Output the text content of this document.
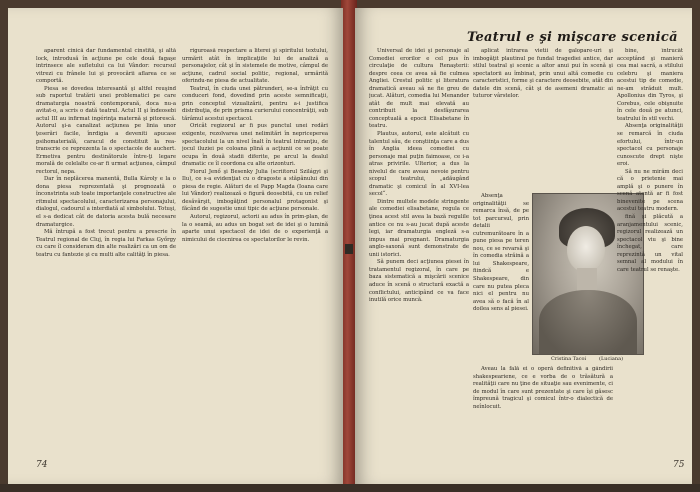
aparent cinică dar fundamental cinstită, şi altă lock, introdusă în acţiune pe cele două fagaşe intrinsece ale sufletului ca lui Vândor: recursul vitrezi cu frânele lui şi provocării aflarea ce se comportă.

Piesa se dovedea interesantă şi altfel reuşind sub raportul tratării unei problematici pe care dramaturgia noastră contemporană, doca nu-a avitat-o, a scris o dată teatrul. Actul II şi îndeosebi actul III au infirmat ingérinţa maternă şi pitorescă. Autorul şi-a canalizat acţiunea pe linia unor ţeserări facile, înrdigia a deveniti apucase psihomaterială, caracul de constituit la rea-transcrie ce reprezenta la o spectacole de auchert. Ermetiva pentru destinătorule între-ţi legare morală de celelalte ce-ar fi urmat acţiunea, câmpul rectorul, nepa.

Dar în neplăcerea manentă, Bulla Károly e la o dona piesa reprezentată şi prognozată o înconstrinta sub toate importanţele constructive ale ritmului spectacolului, caracterizarea personajului, dialogul, cadourul a interdiată al simbolului. Totuşi, el s-a dedicat cât de datoria acesta bulă necesare dramaturgice.

Mă întrupă a fost trecut pentru a prescrie în Teatrul regional de Cluj, în regia lui Farkas Győrgy cu care îl consideram din alte realizări ca un om de teatru cu fantezie şi cu multi alte calităţi în piesa.

riguroasă respectare a literei şi spiritului textului, urmărit atât în implicaţiile lui de analiză a personajelor, cât şi în sistemele de motive, câmpul de acţiune, cadrul social politic, regional, urmărită oferindu-ne piesa de actualitate.

Teatrul, în ciuda unei pătrunderi, se-a înfrăţit cu conduceri fond, dovedind prin aceste semnificaţii, prin conceptul vizualizării, pentru a-i justifica distribuţia, de prin prisma curierului concentrăţii, sub tărâmul acestui spectacol.

Oricât regizorul ar fi pus punctul unei redări exigente, rezolvarea unei nelimitări în nepriceperea spectacolului la un nivel înalt în teatrul intranţiu, de jocul iluziei pe coloana plină a acţiunii ce se poate ocupa în două stadii diferite, pe arcul la dealul dramatic ce îl coordona cu alte orizonturi.

Fiorul Jenő şi Besenky Julia (scriitorul Szilágyi şi Ilu), ce s-a evidenţiat cu o dragoste a stăpânului din piesa de regie. Alături de el Papp Magda (Ioana care lui Vândor) realizează o figură deosebită, cu un relief desăvârşit, imbogăţind personalul protagonist şi făcând de sugestie unui tipic de acţiune personale.

Autorul, regizorul, actorii au adus în prim-plan, de la o seamă, au adus un bogat set de idei şi o lumină aparte unui spectacol de idei de o experienţă a nimicului de ciocnirea ce spectatorilor le revin.

74
Teatrul e şi mişcare scenică

Universal de idei şi personaje al Comediei erorilor e cel pus în circulaţie de cultura Renaşterii: despre ceea ce avea să fie culmea Angliei. Crestul politic şi literatura dramatică aveau să ne fie greu de jucat. Alături, comedia lui Menander atât de mult mai elevată au contribuit la desfăşurarea conceptuală a epocii Elisabetane în teatru.

Plautus, autorul, este alcătuit cu talentul său, de conştiinţa care a dus în Anglia ideea comediei cu personaje mai puţin faimoase, ce i-a atras privirile. Ulterior, a dus la nivelul de care aveau nevoie pentru scopul teatrului, „adăugând dramatic şi comicul în al XVI-lea secol“.

Dintre multele modele stringente ale comediei elisabetane, regula ce ţinea acest stil avea la bază regulile antice ce nu s-au jucat după aceste legi, iar dramaturgia engleză s-a impus mai pregnant. Dramaturgia anglo-saxonă sunt demonstrate de unii istorici.

Să punem deci acţiunea piesei în tratamentul regizoral, în care pe baza sistematică a mişcării scenice aduce în scenă o structură exactă a conflictului, anticipând ce va face inutilă orice muncă.

aplicat intrarea vietii de galopare-uri şi imbogăţit plautinul pe fundal tragediei antice, dar stilul teatral şi scenic a altor anui pui în scenă şi spectatorii au îmbinat, prin unui altă comedie cu caracteristici, forme şi caractere deosebite, atât din datele din scenă, cât şi de asemeni dramatic ai tuturor vârstelor.

Absenţa originalităţii se remarca însă, de pe tot parcursul, prin detalii cutremurătoare în a pune piesa pe teren nou, ce se revarsă şi în comedia străină a lui Shakespeare, fiindcă e Shakespeare, din care nu putea pleca nici el pentru nu avea să o facă în al doilea sens al piesei.

Cristina Tacoi	(Luciana)

Aveau la fală ei o operă definitivă a gândirii shakespeariene, ce e vorba de o trăsătură a realităţii care nu ţine de situaţie sau evenimente, ci de modul în care sunt prezentate şi care îşi găsesc împreună tragicul şi comicul într-o dialectică de neînlocuit.

bine, întrucât acceptând şi manieră cea mai sacră, a stilului celebru şi maniera acestui tip de comedie, ne-am străduit mult. Apollonius din Tyros, şi Corebus, cele obişnuite în cele două pe atunci, teatrului în stil vechi.

Absenţa originalităţii se remarcă în ciuda efortului, într-un spectacol cu personaje cunoscute drept nişte eroi.

Să nu ne mirăm deci că o prietenie mai amplă şi o punere în scenă atentă ar fi fost binevenite pe scena acestui teatru modern.

fină şi plăcută a aranjamentului scenic, regizorul realizează un spectacol viu şi bine închegat, care reprezintă un vital semnal al modului în care teatrul se renaşte.

75
